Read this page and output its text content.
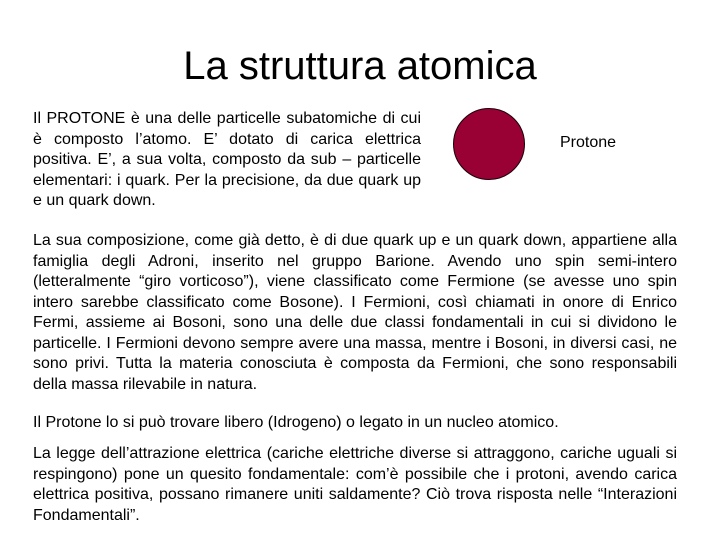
La struttura atomica

Il PROTONE è una delle particelle subatomiche di cui è composto l’atomo. E’ dotato di carica elettrica positiva. E’, a sua volta, composto da sub – particelle elementari: i quark. Per la precisione, da due quark up e un quark down.

Protone

La sua composizione, come già detto, è di due quark up e un quark down, appartiene alla famiglia degli Adroni, inserito nel gruppo Barione. Avendo uno spin semi-intero (letteralmente “giro vorticoso”), viene classificato come Fermione (se avesse uno spin intero sarebbe classificato come Bosone). I Fermioni, così chiamati in onore di Enrico Fermi, assieme ai Bosoni, sono una delle due classi fondamentali in cui si dividono le particelle. I Fermioni devono sempre avere una massa, mentre i Bosoni, in diversi casi, ne sono privi. Tutta la materia conosciuta è composta da Fermioni, che sono responsabili della massa rilevabile in natura.

Il Protone lo si può trovare libero (Idrogeno) o legato in un nucleo atomico.

La legge dell’attrazione elettrica (cariche elettriche diverse si attraggono, cariche uguali si respingono) pone un quesito fondamentale: com’è possibile che i protoni, avendo carica elettrica positiva, possano rimanere uniti saldamente? Ciò trova risposta nelle “Interazioni Fondamentali”.
